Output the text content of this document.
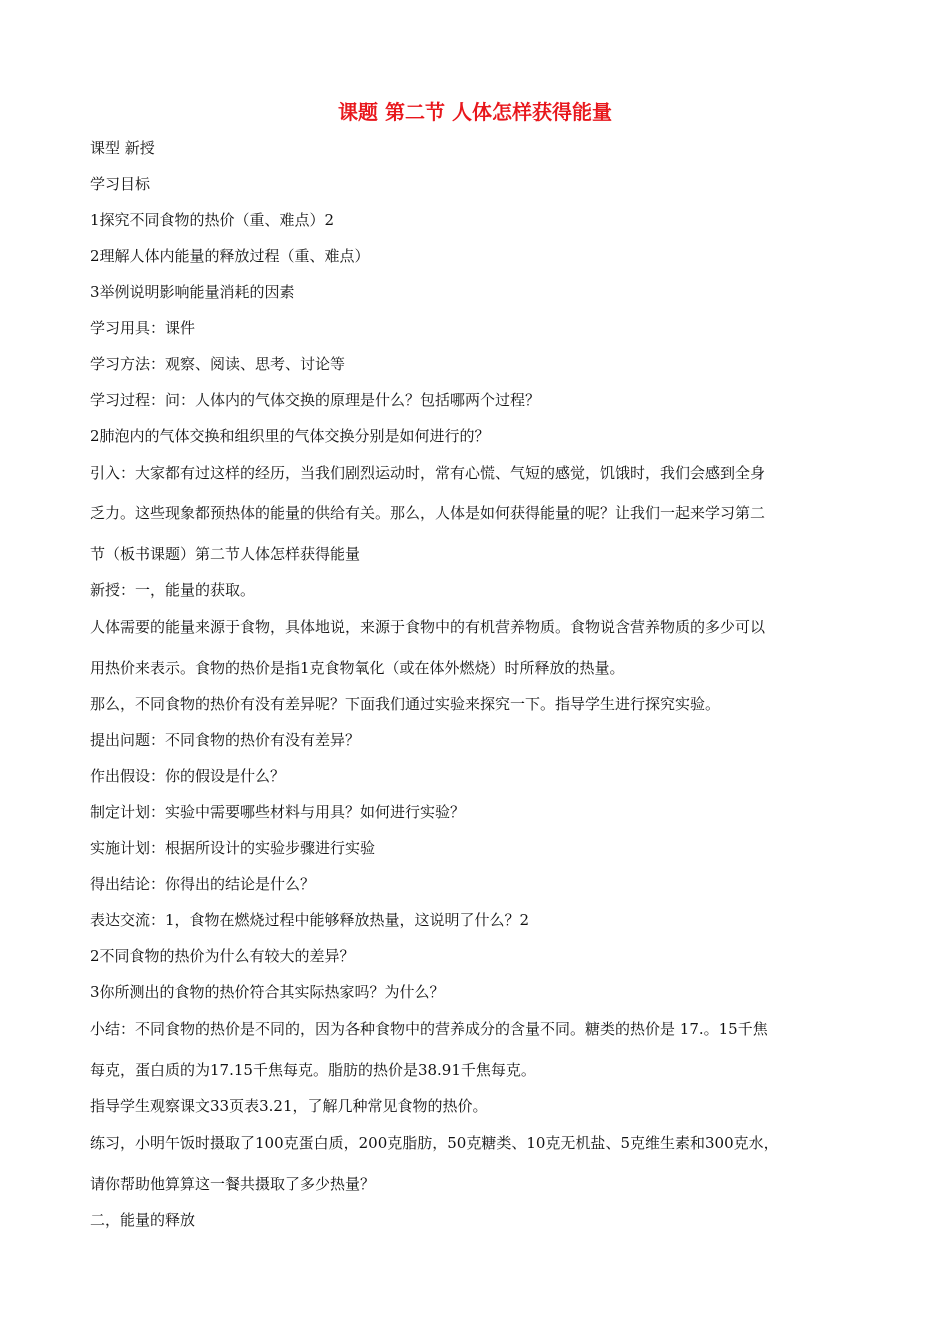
课题 第二节 人体怎样获得能量
课型 新授
学习目标
1探究不同食物的热价（重、难点）2
2理解人体内能量的释放过程（重、难点）
3举例说明影响能量消耗的因素
学习用具：课件
学习方法：观察、阅读、思考、讨论等
学习过程：问：人体内的气体交换的原理是什么？包括哪两个过程？
2肺泡内的气体交换和组织里的气体交换分别是如何进行的？
引入：大家都有过这样的经历，当我们剧烈运动时，常有心慌、气短的感觉，饥饿时，我们会感到全身
乏力。这些现象都预热体的能量的供给有关。那么，人体是如何获得能量的呢？让我们一起来学习第二
节（板书课题）第二节人体怎样获得能量
新授：一，能量的获取。
人体需要的能量来源于食物，具体地说，来源于食物中的有机营养物质。食物说含营养物质的多少可以
用热价来表示。食物的热价是指1克食物氧化（或在体外燃烧）时所释放的热量。
那么，不同食物的热价有没有差异呢？下面我们通过实验来探究一下。指导学生进行探究实验。
提出问题：不同食物的热价有没有差异？
作出假设：你的假设是什么？
制定计划：实验中需要哪些材料与用具？如何进行实验？
实施计划：根据所设计的实验步骤进行实验
得出结论：你得出的结论是什么？
表达交流：1，食物在燃烧过程中能够释放热量，这说明了什么？2
2不同食物的热价为什么有较大的差异？
3你所测出的食物的热价符合其实际热家吗？为什么？
小结：不同食物的热价是不同的，因为各种食物中的营养成分的含量不同。糖类的热价是 17.。15千焦
每克，蛋白质的为17.15千焦每克。脂肪的热价是38.91千焦每克。
指导学生观察课文33页表3.21，了解几种常见食物的热价。
练习，小明午饭时摄取了100克蛋白质，200克脂肪，50克糖类、10克无机盐、5克维生素和300克水，
请你帮助他算算这一餐共摄取了多少热量？
二，能量的释放
